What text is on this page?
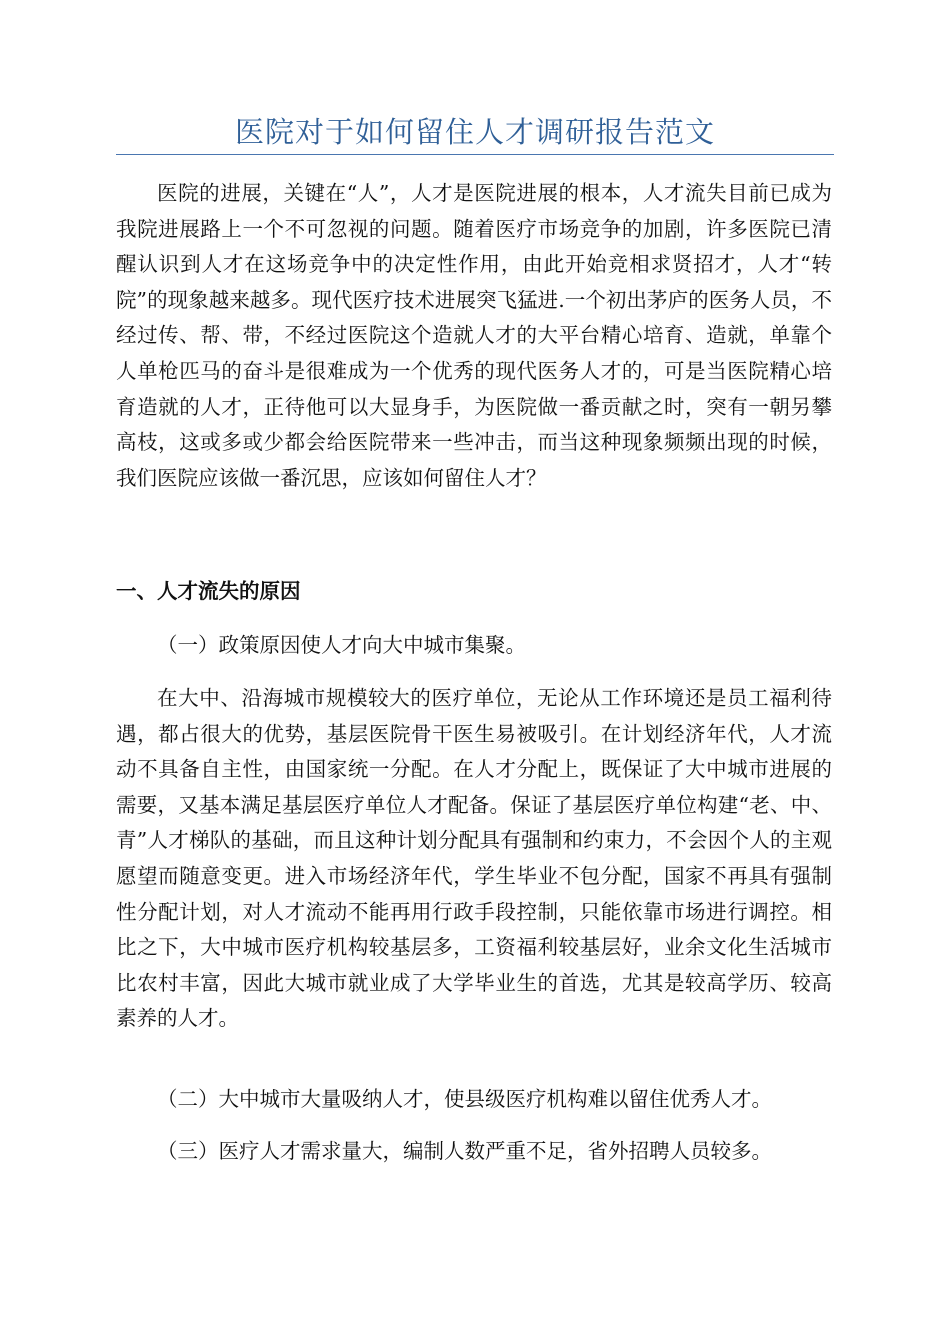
医院对于如何留住人才调研报告范文

医院的进展，关键在“人”，人才是医院进展的根本，人才流失目前已成为我院进展路上一个不可忽视的问题。随着医疗市场竞争的加剧，许多医院已清醒认识到人才在这场竞争中的决定性作用，由此开始竞相求贤招才，人才“转院”的现象越来越多。现代医疗技术进展突飞猛进.一个初出茅庐的医务人员，不经过传、帮、带，不经过医院这个造就人才的大平台精心培育、造就，单靠个人单枪匹马的奋斗是很难成为一个优秀的现代医务人才的，可是当医院精心培育造就的人才，正待他可以大显身手，为医院做一番贡献之时，突有一朝另攀高枝，这或多或少都会给医院带来一些冲击，而当这种现象频频出现的时候，我们医院应该做一番沉思，应该如何留住人才？

一、人才流失的原因

（一）政策原因使人才向大中城市集聚。

在大中、沿海城市规模较大的医疗单位，无论从工作环境还是员工福利待遇，都占很大的优势，基层医院骨干医生易被吸引。在计划经济年代，人才流动不具备自主性，由国家统一分配。在人才分配上，既保证了大中城市进展的需要，又基本满足基层医疗单位人才配备。保证了基层医疗单位构建“老、中、青”人才梯队的基础，而且这种计划分配具有强制和约束力，不会因个人的主观愿望而随意变更。进入市场经济年代，学生毕业不包分配，国家不再具有强制性分配计划，对人才流动不能再用行政手段控制，只能依靠市场进行调控。相比之下，大中城市医疗机构较基层多，工资福利较基层好，业余文化生活城市比农村丰富，因此大城市就业成了大学毕业生的首选，尤其是较高学历、较高素养的人才。

（二）大中城市大量吸纳人才，使县级医疗机构难以留住优秀人才。

（三）医疗人才需求量大，编制人数严重不足，省外招聘人员较多。
